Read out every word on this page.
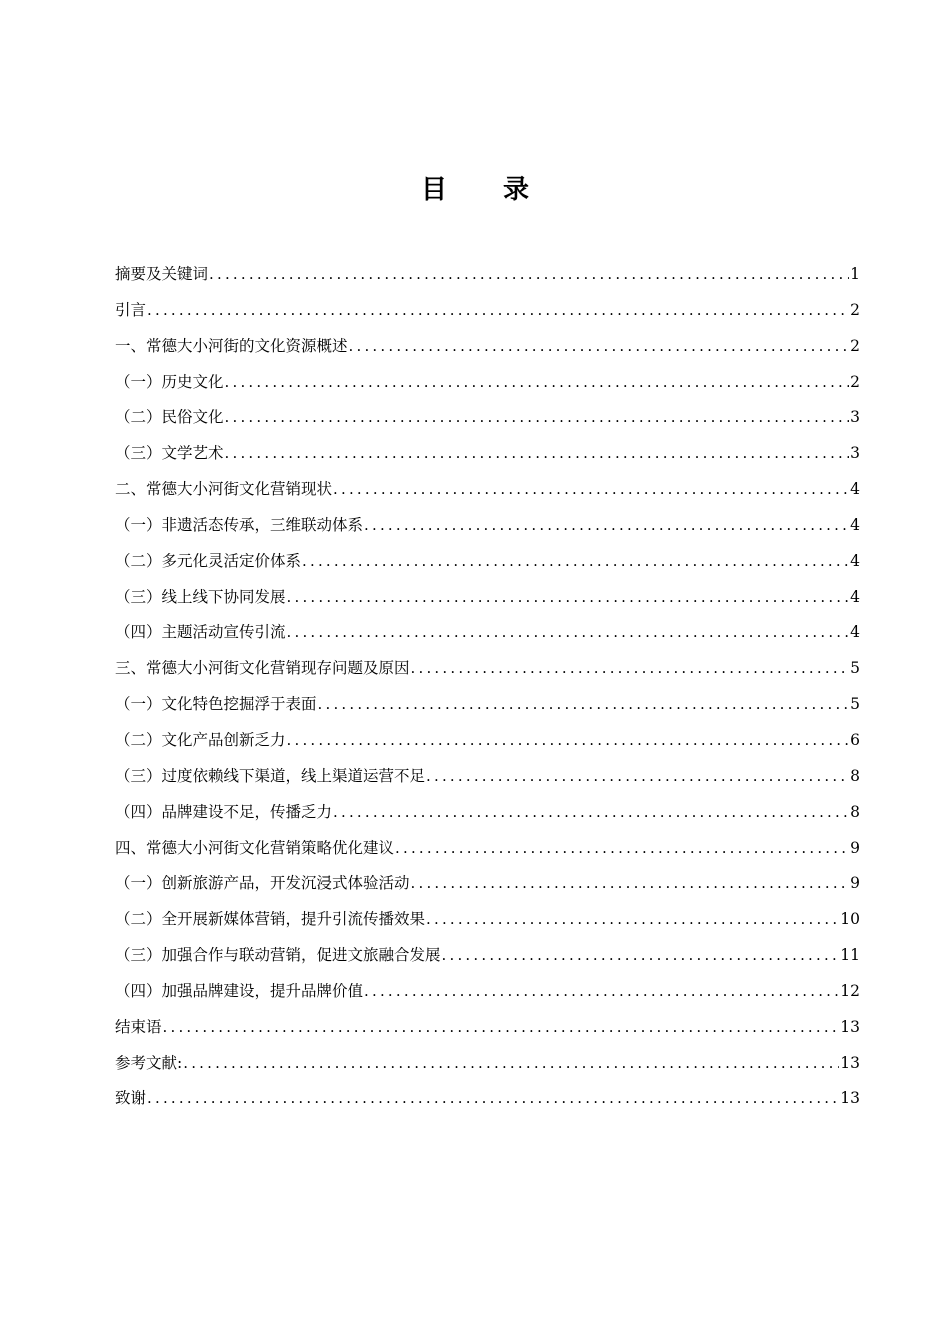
目录
摘要及关键词 .....	1
引言 .....	2
一、常德大小河街的文化资源概述 .....	2
（一）历史文化 .....	2
（二）民俗文化 .....	3
（三）文学艺术 .....	3
二、常德大小河街文化营销现状 .....	4
（一）非遗活态传承，三维联动体系 .....	4
（二）多元化灵活定价体系 .....	4
（三）线上线下协同发展 .....	4
（四）主题活动宣传引流 .....	4
三、常德大小河街文化营销现存问题及原因 .....	5
（一）文化特色挖掘浮于表面 .....	5
（二）文化产品创新乏力 .....	6
（三）过度依赖线下渠道，线上渠道运营不足 .....	8
（四）品牌建设不足，传播乏力 .....	8
四、常德大小河街文化营销策略优化建议 .....	9
（一）创新旅游产品，开发沉浸式体验活动 .....	9
（二）全开展新媒体营销，提升引流传播效果 .....	10
（三）加强合作与联动营销，促进文旅融合发展 .....	11
（四）加强品牌建设，提升品牌价值 .....	12
结束语 .....	13
参考文献: .....	13
致谢 .....	13
